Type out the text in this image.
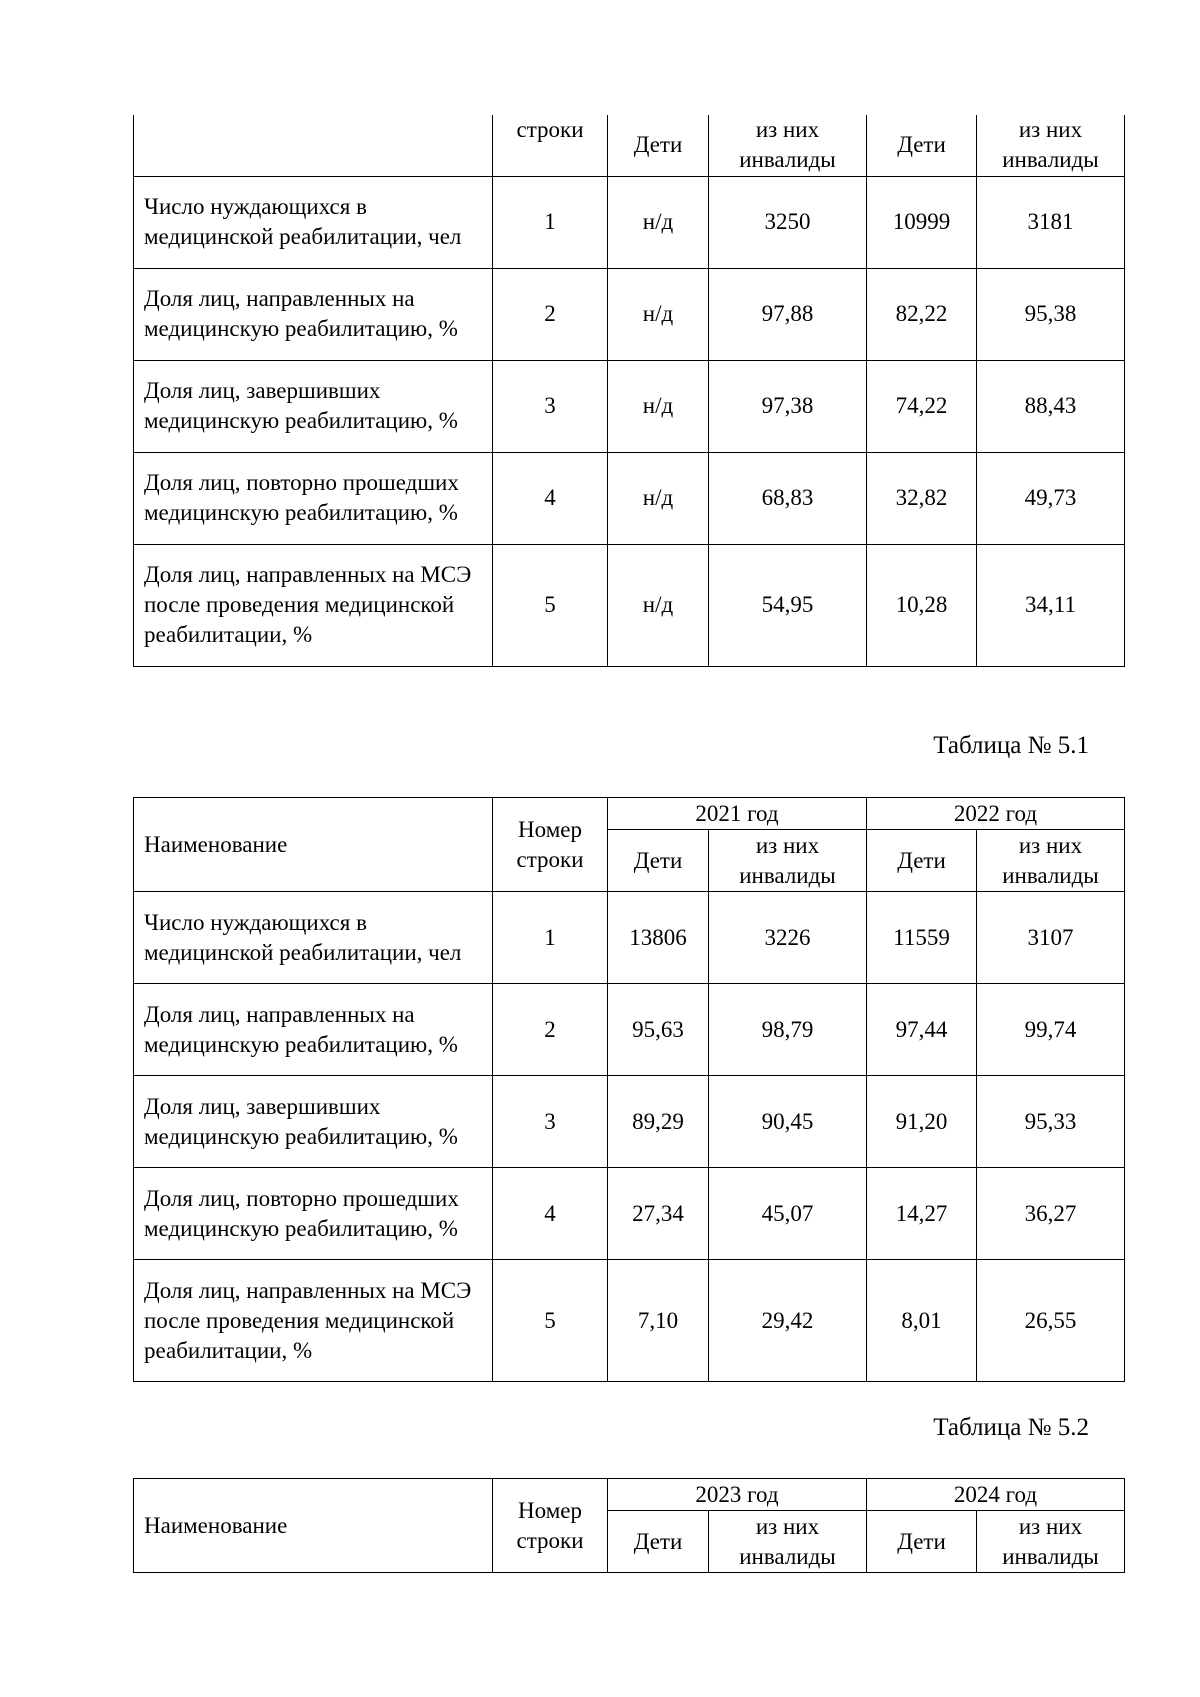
	строки	Дети	из них инвалиды	Дети	из них инвалиды
Число нуждающихся в медицинской реабилитации, чел	1	н/д	3250	10999	3181
Доля лиц, направленных на медицинскую реабилитацию, %	2	н/д	97,88	82,22	95,38
Доля лиц, завершивших медицинскую реабилитацию, %	3	н/д	97,38	74,22	88,43
Доля лиц, повторно прошедших медицинскую реабилитацию, %	4	н/д	68,83	32,82	49,73
Доля лиц, направленных на МСЭ после проведения медицинской реабилитации, %	5	н/д	54,95	10,28	34,11
Таблица № 5.1
Наименование	Номер строки	2021 год		2022 год	
		Дети	из них инвалиды	Дети	из них инвалиды
Число нуждающихся в медицинской реабилитации, чел	1	13806	3226	11559	3107
Доля лиц, направленных на медицинскую реабилитацию, %	2	95,63	98,79	97,44	99,74
Доля лиц, завершивших медицинскую реабилитацию, %	3	89,29	90,45	91,20	95,33
Доля лиц, повторно прошедших медицинскую реабилитацию, %	4	27,34	45,07	14,27	36,27
Доля лиц, направленных на МСЭ после проведения медицинской реабилитации, %	5	7,10	29,42	8,01	26,55
Таблица № 5.2
Наименование	Номер строки	2023 год		2024 год	
		Дети	из них инвалиды	Дети	из них инвалиды
